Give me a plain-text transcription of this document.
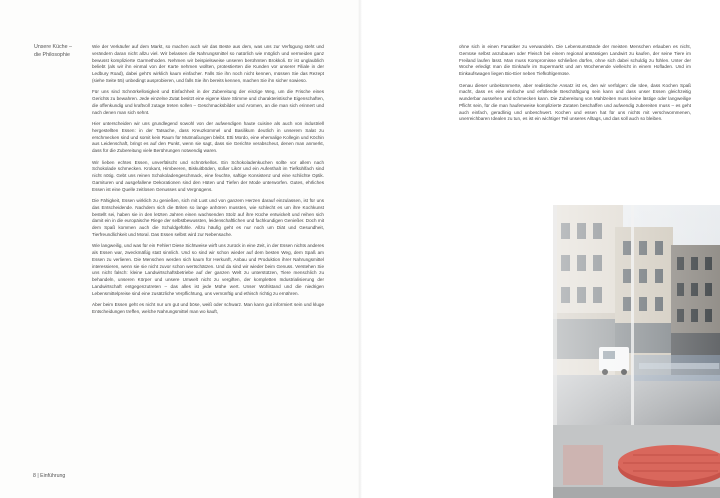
Unsere Küche –

die Philosophie

Wie der Verkäufer auf dem Markt, so machen auch wir das Beste aus dem, was uns zur Verfügung steht und verändern daran nicht allzu viel. Wir belassen die Nahrungsmittel so natürlich wie möglich und vermeiden ganz bewusst komplizierte Garmethoden. Nehmen wir beispielsweise unseren berühmten Brokkoli. Er ist unglaublich beliebt (als wir ihn einmal von der Karte nehmen wollten, protestierten die Kunden vor unserer Filiale in der Ledbury Road), dabei geht’s wirklich kaum einfacher. Falls Sie ihn noch nicht kennen, müssen Sie das Rezept (siehe Seite 55) unbedingt ausprobieren, und falls Sie ihn bereits kennen, machen Sie ihn sicher sowieso.

Für uns sind Schnörkellosigkeit und Einfachheit in der Zubereitung der einzige Weg, um die Frische eines Gerichts zu bewahren. Jede einzelne Zutat besitzt eine eigene klare Stimme und charakteristische Eigenschaften, die offenkundig und kraftvoll zutage treten sollen – Geschmacksbilder und Aromen, an die man sich erinnert und nach denen man sich sehnt.

Hier unterscheiden wir uns grundlegend sowohl von der aufwendigen haute cuisine als auch von industriell hergestellten Essen: in der Tatsache, dass Kreuzkümmel und Basilikum deutlich in unserem Salat zu erschmecken sind und somit kein Raum für Mutmaßungen bleibt. Etti Mordo, eine ehemalige Kollegin und Köchin aus Leidenschaft, bringt es auf den Punkt, wenn sie sagt, dass sie Gerichte verabscheut, denen man anmerkt, dass für die Zubereitung viele Berührungen notwendig waren.

Wir lieben echtes Essen, unverfälscht und schnörkellos. Ein Schokoladenkuchen sollte vor allem nach Schokolade schmecken. Krokant, Himbeeren, Biskuitböden, süßer Likör und ein Aufenthalt im Tiefkühlfach sind nicht nötig. Gebt uns reinen Schokoladengeschmack, eine feuchte, saftige Konsistenz und eine schlichte Optik. Garnituren und ausgefallene Dekorationen sind den Hüten und Tiefen der Mode unterworfen. Gutes, ehrliches Essen ist eine Quelle zeitlosen Genusses und Vergnügens.

Die Fähigkeit, Essen wirklich zu genießen, sich mit Lust und von ganzem Herzen darauf einzulassen, ist für uns das Entscheidende. Nachdem sich die Briten so lange anhören mussten, wie schlecht es um ihre Kochkunst bestellt sei, haben sie in den letzten Jahren einen wachsenden Stolz auf ihre Küche entwickelt und reihen sich damit ein in die europäische Riege der selbstbewussten, leidenschaftlichen und fachkundigen Genießer. Doch mit dem Spaß kommen auch die Schuldgefühle. Allzu häufig geht es nur noch um Diät und Gesundheit, Tierfreundlichkeit und Moral. Das Essen selbst wird zur Nebensache.

Wie langweilig, und was für ein Fehler! Diese Sichtweise wirft uns zurück in eine Zeit, in der Essen nichts anderes als Essen war, zweckmäßig statt sinnlich. Und so sind wir schon wieder auf dem besten Weg, dem Spaß am Essen zu verlieren. Die Menschen werden sich kaum für Herkunft, Anbau und Produktion ihrer Nahrungsmittel interessieren, wenn sie sie nicht zuvor schon wertschätzen. Und da sind wir wieder beim Genuss. Verstehen Sie uns nicht falsch: kleine Landwirtschaftsbetriebe auf der ganzen Welt zu unterstützen, Tiere menschlich zu behandeln, unseren Körper und unsere Umwelt nicht zu vergiften, der kompletten Industrialisierung der Landwirtschaft entgegenzutreten – das alles ist jede Mühe wert. Unser Wohlstand und die niedrigen Lebensmittelpreise sind eine zusätzliche Verpflichtung, uns vernünftig und ethisch richtig zu ernähren.

Aber beim Essen geht es nicht nur um gut und böse, weiß oder schwarz. Man kann gut informiert sein und kluge Entscheidungen treffen, welche Nahrungsmittel man wo kauft,

ohne sich in einen Fanatiker zu verwandeln. Die Lebensumstände der meisten Menschen erlauben es nicht, Gemüse selbst anzubauen oder Fleisch bei einem regional ansässigen Landwirt zu kaufen, der seine Tiere im Freiland laufen lässt. Man muss Kompromisse schließen dürfen, ohne sich dabei schuldig zu fühlen. Unter der Woche erledigt man die Einkäufe im Supermarkt und am Wochenende vielleicht in einem Hofladen. Und im Einkaufswagen liegen Bio-Eier neben Tiefkühlgemüse.

Genau dieser unbekümmerte, aber realistische Ansatz ist es, den wir verfolgen: die Idee, dass Kochen Spaß macht, dass es eine einfache und erfüllende Beschäftigung sein kann und dass unser Essen gleichzeitig wunderbar aussehen und schmecken kann. Die Zubereitung von Mahlzeiten muss keine lästige oder langweilige Pflicht sein, für die man haufenweise komplizierte Zutaten beschaffen und aufwendig zubereiten muss – es geht auch einfach, geradlinig und unbeschwert. Kochen und essen hat für uns nichts mit verschwommenen, unerreichbaren Idealen zu tun, es ist ein wichtiger Teil unseres Alltags, und das soll auch so bleiben.

8 | Einführung
